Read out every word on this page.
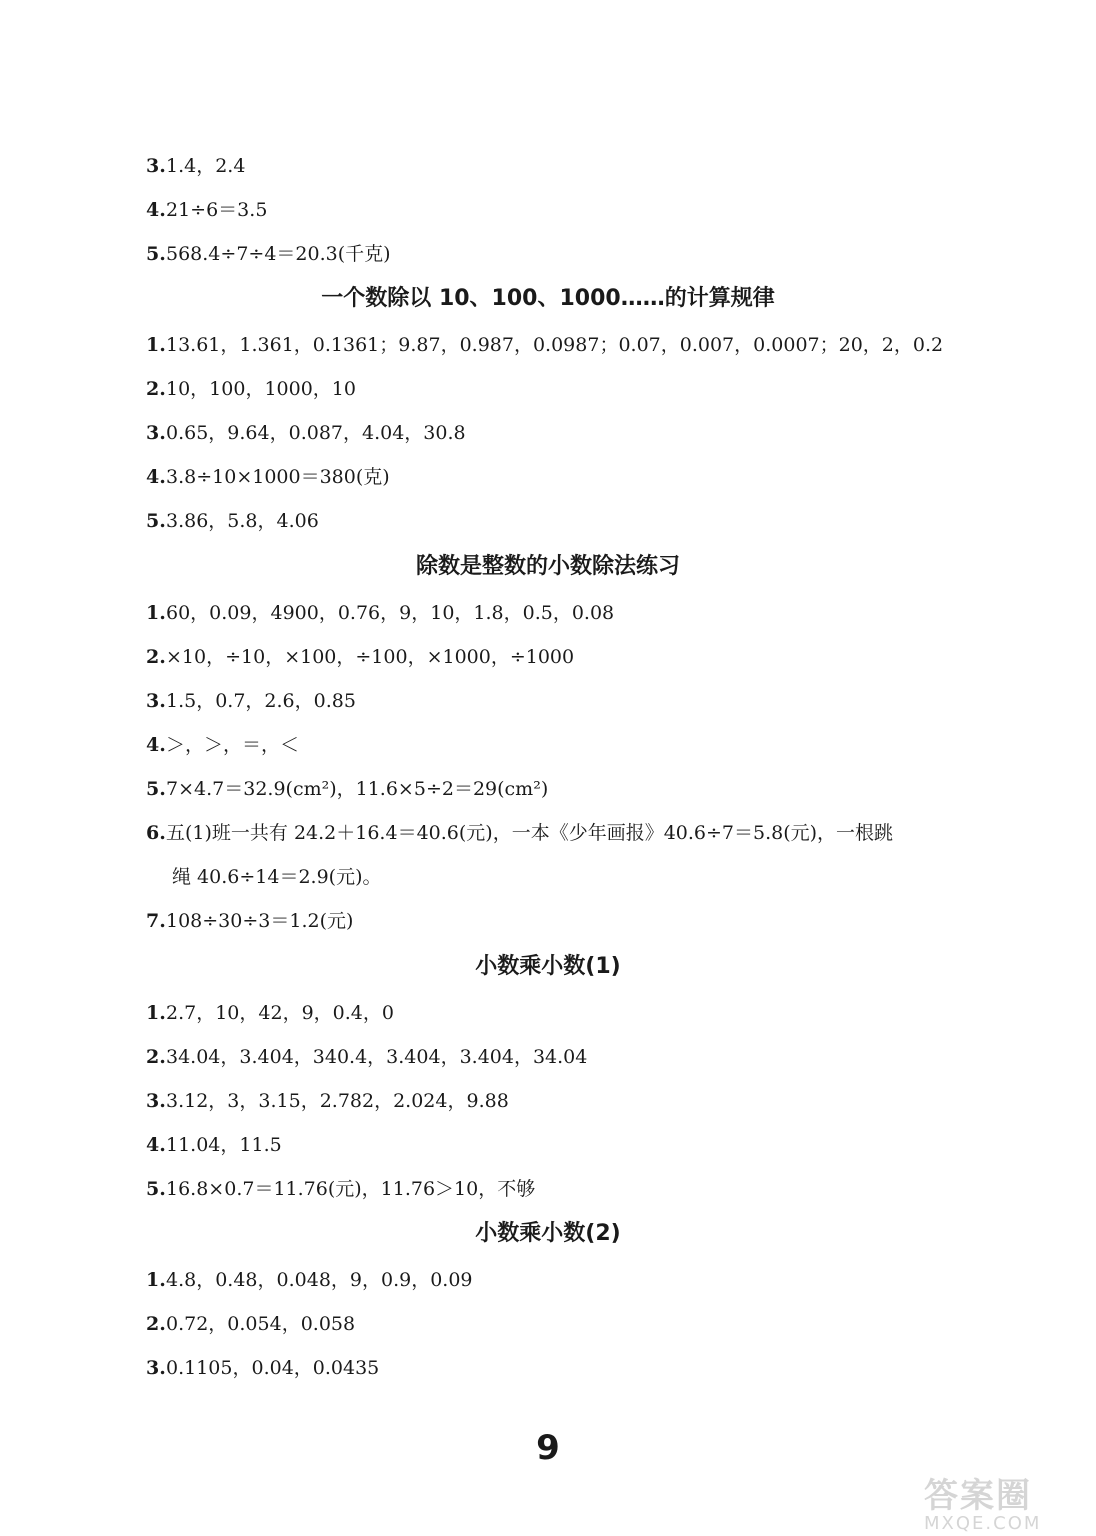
3.1.4，2.4
4.21÷6＝3.5
5.568.4÷7÷4＝20.3(千克)
一个数除以 10、100、1000……的计算规律
1.13.61，1.361，0.1361；9.87，0.987，0.0987；0.07，0.007，0.0007；20，2，0.2
2.10，100，1000，10
3.0.65，9.64，0.087，4.04，30.8
4.3.8÷10×1000＝380(克)
5.3.86，5.8，4.06
除数是整数的小数除法练习
1.60，0.09，4900，0.76，9，10，1.8，0.5，0.08
2.×10，÷10，×100，÷100，×1000，÷1000
3.1.5，0.7，2.6，0.85
4.＞，＞，＝，＜
5.7×4.7＝32.9(cm²)，11.6×5÷2＝29(cm²)
6.五(1)班一共有 24.2＋16.4＝40.6(元)，一本《少年画报》40.6÷7＝5.8(元)，一根跳
绳 40.6÷14＝2.9(元)。
7.108÷30÷3＝1.2(元)
小数乘小数(1)
1.2.7，10，42，9，0.4，0
2.34.04，3.404，340.4，3.404，3.404，34.04
3.3.12，3，3.15，2.782，2.024，9.88
4.11.04，11.5
5.16.8×0.7＝11.76(元)，11.76＞10，不够
小数乘小数(2)
1.4.8，0.48，0.048，9，0.9，0.09
2.0.72，0.054，0.058
3.0.1105，0.04，0.0435
9
答案圈
MXQE.COM
